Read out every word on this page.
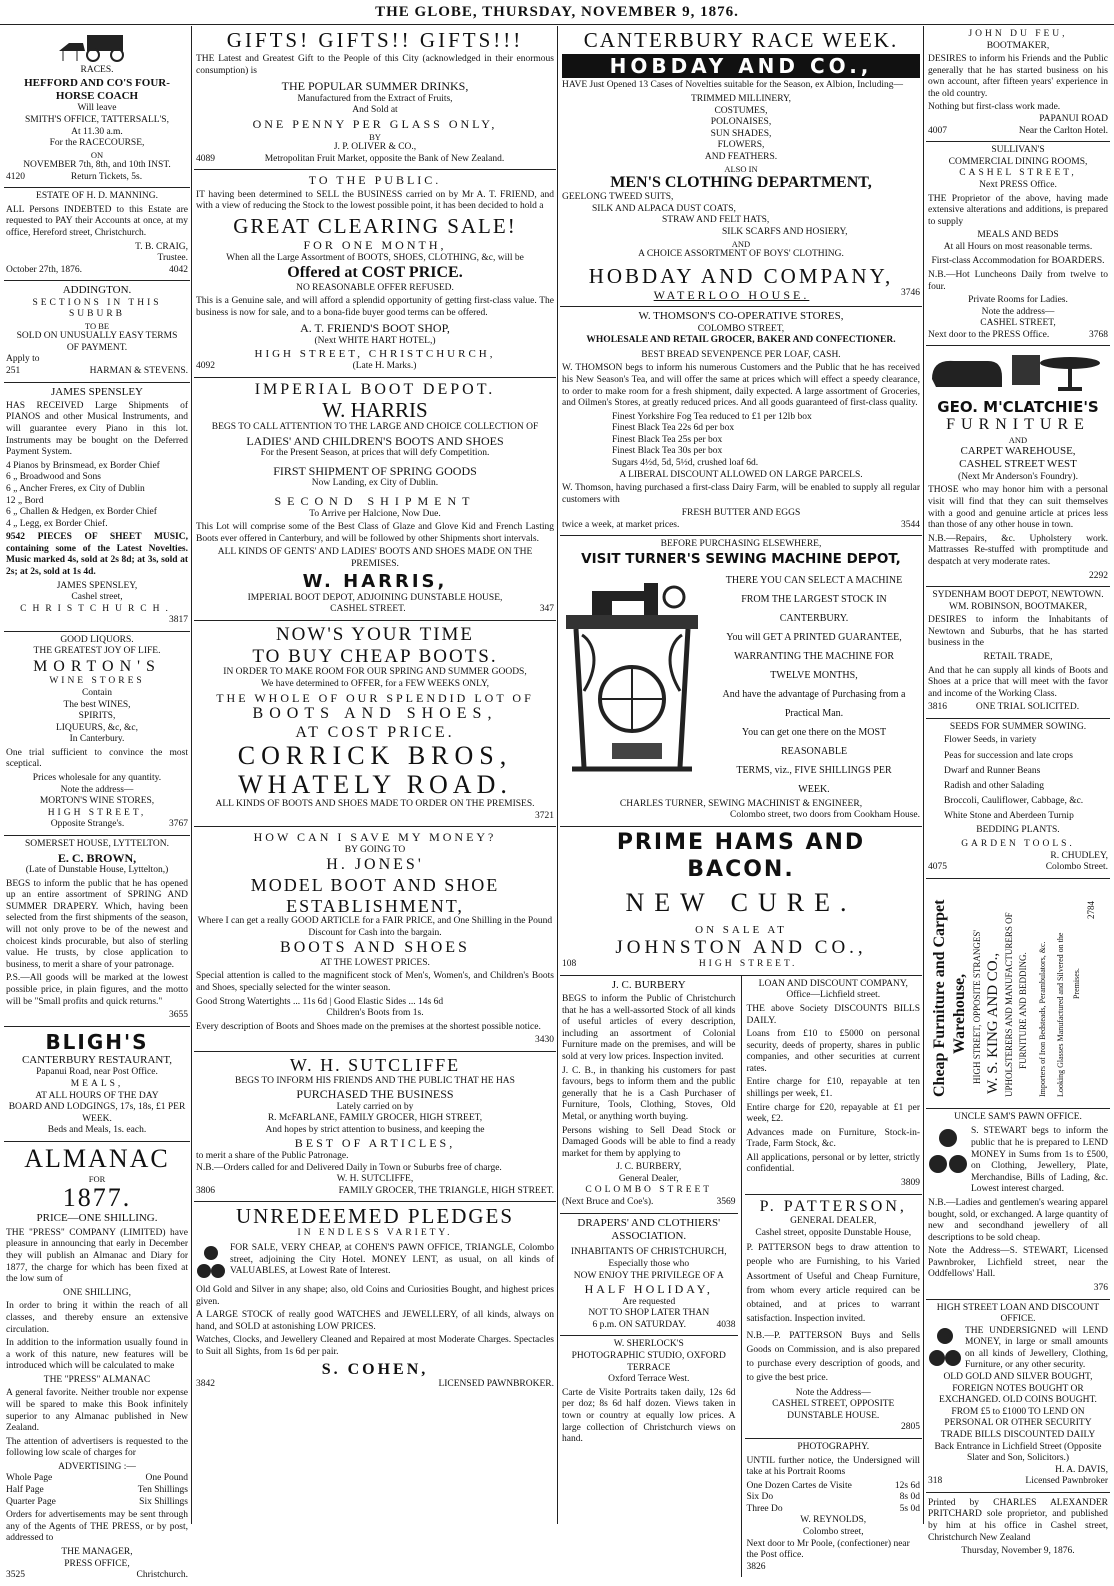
THE GLOBE, THURSDAY, NOVEMBER 9, 1876.
RACES.
HEFFORD AND CO'S FOUR-HORSE COACH
Will leave
SMITH'S OFFICE, TATTERSALL'S,
At 11.30 a.m.
For the RACECOURSE,
ON
NOVEMBER 7th, 8th, and 10th INST.
4120	Return Tickets, 5s.
ESTATE OF H. D. MANNING.

ALL Persons INDEBTED to this Estate are requested to PAY their Accounts at once, at my office, Hereford street, Christchurch.

T. B. CRAIG,
Trustee.
October 27th, 1876.	4042
ADDINGTON.
SECTIONS IN THIS SUBURB
TO BE
SOLD ON UNUSUALLY EASY TERMS
OF PAYMENT.
Apply to
251	HARMAN & STEVENS.
JAMES SPENSLEY

HAS RECEIVED Large Shipments of PIANOS and other Musical Instruments, and will guarantee every Piano in this lot. Instruments may be bought on the Deferred Payment System.

4 Pianos by Brinsmead, ex Border Chief
6 „ Broadwood and Sons
6 „ Ancher Freres, ex City of Dublin
12 „ Bord
6 „ Challen & Hedgen, ex Border Chief
4 „ Legg, ex Border Chief.

9542 PIECES OF SHEET MUSIC, containing some of the Latest Novelties. Music marked 4s, sold at 2s 8d; at 3s, sold at 2s; at 2s, sold at 1s 4d.

JAMES SPENSLEY,
Cashel street,
CHRISTCHURCH.
3817
GOOD LIQUORS.
THE GREATEST JOY OF LIFE.
MORTON'S
WINE STORES
Contain
The best WINES,
SPIRITS,
LIQUEURS, &c, &c,
In Canterbury.

One trial sufficient to convince the most sceptical.

Prices wholesale for any quantity.
Note the address—
MORTON'S WINE STORES,
HIGH STREET,
Opposite Strange's.	3767
SOMERSET HOUSE, LYTTELTON.
E. C. BROWN,
(Late of Dunstable House, Lyttelton,)

BEGS to inform the public that he has opened up an entire assortment of SPRING AND SUMMER DRAPERY. Which, having been selected from the first shipments of the season, will not only prove to be of the newest and choicest kinds procurable, but also of sterling value. He trusts, by close application to business, to merit a share of your patronage.

P.S.—All goods will be marked at the lowest possible price, in plain figures, and the motto will be "Small profits and quick returns."

3655
BLIGH'S
CANTERBURY RESTAURANT,
Papanui Road, near Post Office.
MEALS,
AT ALL HOURS OF THE DAY
BOARD AND LODGINGS, 17s, 18s, £1 PER WEEK.
Beds and Meals, 1s. each.
ALMANAC
FOR
1877.
PRICE—ONE SHILLING.

THE "PRESS" COMPANY (LIMITED) have pleasure in announcing that early in December they will publish an Almanac and Diary for 1877, the charge for which has been fixed at the low sum of

ONE SHILLING,

In order to bring it within the reach of all classes, and thereby ensure an extensive circulation.

In addition to the information usually found in a work of this nature, new features will be introduced which will be calculated to make

THE "PRESS" ALMANAC

A general favorite. Neither trouble nor expense will be spared to make this Book infinitely superior to any Almanac published in New Zealand.

The attention of advertisers is requested to the following low scale of charges for

ADVERTISING :—
Whole Page	One Pound
Half Page	Ten Shillings
Quarter Page	Six Shillings

Orders for advertisements may be sent through any of the Agents of THE PRESS, or by post, addressed to

THE MANAGER,
PRESS OFFICE,
3525	Christchurch.
GIFTS! GIFTS!! GIFTS!!!

THE Latest and Greatest Gift to the People of this City (acknowledged in their enormous consumption) is

THE POPULAR SUMMER DRINKS,
Manufactured from the Extract of Fruits,
And Sold at
ONE PENNY PER GLASS ONLY,
BY
J. P. OLIVER & CO.,
4089	Metropolitan Fruit Market, opposite the Bank of New Zealand.
TO THE PUBLIC.

IT having been determined to SELL the BUSINESS carried on by Mr A. T. FRIEND, and with a view of reducing the Stock to the lowest possible point, it has been decided to hold a

GREAT CLEARING SALE!
FOR ONE MONTH,
When all the Large Assortment of BOOTS, SHOES, CLOTHING, &c, will be
Offered at COST PRICE.
NO REASONABLE OFFER REFUSED.

This is a Genuine sale, and will afford a splendid opportunity of getting first-class value. The business is now for sale, and to a bona-fide buyer good terms can be offered.

A. T. FRIEND'S BOOT SHOP,
(Next WHITE HART HOTEL,)
HIGH STREET, CHRISTCHURCH,
4092	(Late H. Marks.)
IMPERIAL BOOT DEPOT.
W. HARRIS
BEGS TO CALL ATTENTION TO THE LARGE AND CHOICE COLLECTION OF
LADIES' AND CHILDREN'S BOOTS AND SHOES
For the Present Season, at prices that will defy Competition.
FIRST SHIPMENT OF SPRING GOODS
Now Landing, ex City of Dublin.
SECOND SHIPMENT
To Arrive per Halcione, Now Due.

This Lot will comprise some of the Best Class of Glaze and Glove Kid and French Lasting Boots ever offered in Canterbury, and will be followed by other Shipments short intervals.

ALL KINDS OF GENTS' AND LADIES' BOOTS AND SHOES MADE ON THE PREMISES.
W. HARRIS,
IMPERIAL BOOT DEPOT, ADJOINING DUNSTABLE HOUSE,
CASHEL STREET.	347
NOW'S YOUR TIME
TO BUY CHEAP BOOTS.
IN ORDER TO MAKE ROOM FOR OUR SPRING AND SUMMER GOODS,
We have determined to OFFER, for a FEW WEEKS ONLY,
THE WHOLE OF OUR SPLENDID LOT OF
BOOTS AND SHOES,
AT COST PRICE.
CORRICK BROS,
WHATELY ROAD.
ALL KINDS OF BOOTS AND SHOES MADE TO ORDER ON THE PREMISES.
3721
HOW CAN I SAVE MY MONEY?
BY GOING TO
H. JONES'
MODEL BOOT AND SHOE
ESTABLISHMENT,
Where I can get a really GOOD ARTICLE for a FAIR PRICE, and One Shilling in the Pound Discount for Cash into the bargain.
BOOTS AND SHOES
AT THE LOWEST PRICES.

Special attention is called to the magnificent stock of Men's, Women's, and Children's Boots and Shoes, specially selected for the winter season.

Good Strong Watertights ... 11s 6d | Good Elastic Sides ... 14s 6d
Children's Boots from 1s.

Every description of Boots and Shoes made on the premises at the shortest possible notice.

3430
W. H. SUTCLIFFE
BEGS TO INFORM HIS FRIENDS AND THE PUBLIC THAT HE HAS
PURCHASED THE BUSINESS
Lately carried on by
R. McFARLANE, FAMILY GROCER, HIGH STREET,
And hopes by strict attention to business, and keeping the
BEST OF ARTICLES,
to merit a share of the Public Patronage.
N.B.—Orders called for and Delivered Daily in Town or Suburbs free of charge.
W. H. SUTCLIFFE,
3806	FAMILY GROCER, THE TRIANGLE, HIGH STREET.
UNREDEEMED PLEDGES
IN ENDLESS VARIETY.

FOR SALE, VERY CHEAP, at COHEN'S PAWN OFFICE, TRIANGLE, Colombo street, adjoining the City Hotel. MONEY LENT, as usual, on all kinds of VALUABLES, at Lowest Rate of Interest.

Old Gold and Silver in any shape; also, old Coins and Curiosities Bought, and highest prices given.

A LARGE STOCK of really good WATCHES and JEWELLERY, of all kinds, always on hand, and SOLD at astonishing LOW PRICES.

Watches, Clocks, and Jewellery Cleaned and Repaired at most Moderate Charges. Spectacles to Suit all Sights, from 1s 6d per pair.

S. COHEN,
3842	LICENSED PAWNBROKER.
CANTERBURY RACE WEEK.
HOBDAY AND CO.,

HAVE Just Opened 13 Cases of Novelties suitable for the Season, ex Albion, Including—

TRIMMED MILLINERY,
COSTUMES,
POLONAISES,
SUN SHADES,
FLOWERS,
AND FEATHERS.
ALSO IN
MEN'S CLOTHING DEPARTMENT,
GEELONG TWEED SUITS,
SILK AND ALPACA DUST COATS,
STRAW AND FELT HATS,
SILK SCARFS AND HOSIERY,
AND
A CHOICE ASSORTMENT OF BOYS' CLOTHING.
HOBDAY AND COMPANY,
WATERLOO HOUSE.	3746
W. THOMSON'S CO-OPERATIVE STORES,
COLOMBO STREET,
WHOLESALE AND RETAIL GROCER, BAKER AND CONFECTIONER.
BEST BREAD SEVENPENCE PER LOAF, CASH.

W. THOMSON begs to inform his numerous Customers and the Public that he has received his New Season's Tea, and will offer the same at prices which will effect a speedy clearance, to order to make room for a fresh shipment, daily expected. A large assortment of Groceries, and Oilmen's Stores, at greatly reduced prices. And all goods guaranteed of first-class quality.

Finest Yorkshire Fog Tea reduced to £1 per 12lb box
Finest Black Tea 22s 6d per box
Finest Black Tea 25s per box
Finest Black Tea 30s per box
Sugars 4½d, 5d, 5½d, crushed loaf 6d.
A LIBERAL DISCOUNT ALLOWED ON LARGE PARCELS.

W. Thomson, having purchased a first-class Dairy Farm, will be enabled to supply all regular customers with

FRESH BUTTER AND EGGS
twice a week, at market prices.	3544
BEFORE PURCHASING ELSEWHERE,
VISIT TURNER'S SEWING MACHINE DEPOT,
THERE YOU CAN SELECT A MACHINE
FROM THE LARGEST STOCK IN
CANTERBURY.
You will GET A PRINTED GUARANTEE,
WARRANTING THE MACHINE FOR
TWELVE MONTHS,
And have the advantage of Purchasing from a
Practical Man.
You can get one there on the MOST REASONABLE
TERMS, viz., FIVE SHILLINGS PER
WEEK.
CHARLES TURNER, SEWING MACHINIST & ENGINEER,
Colombo street, two doors from Cookham House.
PRIME HAMS AND BACON.
NEW CURE.
ON SALE AT
JOHNSTON AND CO.,
108	HIGH STREET.
J. C. BURBERY

BEGS to inform the Public of Christchurch that he has a well-assorted Stock of all kinds of useful articles of every description, including an assortment of Colonial Furniture made on the premises, and will be sold at very low prices. Inspection invited.

J. C. B., in thanking his customers for past favours, begs to inform them and the public generally that he is a Cash Purchaser of Furniture, Tools, Clothing, Stoves, Old Metal, or anything worth buying.

Persons wishing to Sell Dead Stock or Damaged Goods will be able to find a ready market for them by applying to

J. C. BURBERY,
General Dealer,
COLOMBO STREET
(Next Bruce and Coe's).	3569
DRAPERS' AND CLOTHIERS' ASSOCIATION.
INHABITANTS OF CHRISTCHURCH,
Especially those who
NOW ENJOY THE PRIVILEGE OF A
HALF HOLIDAY,
Are requested
NOT TO SHOP LATER THAN
6 p.m. ON SATURDAY.	4038
W. SHERLOCK'S
PHOTOGRAPHIC STUDIO, OXFORD TERRACE
Oxford Terrace West.

Carte de Visite Portraits taken daily, 12s 6d per doz; 8s 6d half dozen. Views taken in town or country at equally low prices. A large collection of Christchurch views on hand.

LOAN AND DISCOUNT COMPANY,
Office—Lichfield street.

THE above Society DISCOUNTS BILLS DAILY.

Loans from £10 to £5000 on personal security, deeds of property, shares in public companies, and other securities at current rates.

Entire charge for £10, repayable at ten shillings per week, £1.

Entire charge for £20, repayable at £1 per week, £2.

Advances made on Furniture, Stock-in-Trade, Farm Stock, &c.

All applications, personal or by letter, strictly confidential.

3809
P. PATTERSON,
GENERAL DEALER,
Cashel street, opposite Dunstable House,

P. PATTERSON begs to draw attention to people who are Furnishing, to his Varied Assortment of Useful and Cheap Furniture, from whom every article required can be obtained, and at prices to warrant satisfaction. Inspection invited.

N.B.—P. PATTERSON Buys and Sells Goods on Commission, and is also prepared to purchase every description of goods, and to give the best price.

Note the Address—
CASHEL STREET, OPPOSITE DUNSTABLE HOUSE.
2805
PHOTOGRAPHY.

UNTIL further notice, the Undersigned will take at his Portrait Rooms

One Dozen Cartes de Visite	12s 6d
Six Do	8s 0d
Three Do	5s 0d
W. REYNOLDS,
Colombo street,
Next door to Mr Poole, (confectioner) near the Post office.
3826
JOHN DU FEU,
BOOTMAKER,

DESIRES to inform his Friends and the Public generally that he has started business on his own account, after fifteen years' experience in the old country.

Nothing but first-class work made.
PAPANUI ROAD
4007	Near the Carlton Hotel.
SULLIVAN'S
COMMERCIAL DINING ROOMS,
CASHEL STREET,
Next PRESS Office.

THE Proprietor of the above, having made extensive alterations and additions, is prepared to supply

MEALS AND BEDS
At all Hours on most reasonable terms.
First-class Accommodation for BOARDERS.

N.B.—Hot Luncheons Daily from twelve to four.

Private Rooms for Ladies.
Note the address—
CASHEL STREET,
Next door to the PRESS Office.	3768
GEO. M'CLATCHIE'S
FURNITURE
AND
CARPET WAREHOUSE,
CASHEL STREET WEST
(Next Mr Anderson's Foundry).

THOSE who may honor him with a personal visit will find that they can suit themselves with a good and genuine article at prices less than those of any other house in town.

N.B.—Repairs, &c. Upholstery work. Mattrasses Re-stuffed with promptitude and despatch at very moderate rates.

2292
SYDENHAM BOOT DEPOT, NEWTOWN.
WM. ROBINSON, BOOTMAKER,

DESIRES to inform the Inhabitants of Newtown and Suburbs, that he has started business in the

RETAIL TRADE,

And that he can supply all kinds of Boots and Shoes at a price that will meet with the favor and income of the Working Class.

3816	ONE TRIAL SOLICITED.
SEEDS FOR SUMMER SOWING.
Flower Seeds, in variety
Peas for succession and late crops
Dwarf and Runner Beans
Radish and other Salading
Broccoli, Cauliflower, Cabbage, &c.
White Stone and Aberdeen Turnip
BEDDING PLANTS.
GARDEN TOOLS.
R. CHUDLEY,
4075	Colombo Street.
Cheap Furniture and Carpet Warehouse, HIGH STREET, OPPOSITE STRANGES' W. S. KING AND CO., UPHOLSTERERS AND MANUFACTURERS OF FURNITURE AND BEDDING. Importers of Iron Bedsteads, Perambulators, &c. Looking Glasses Manufactured and Silvered on the Premises.
2784
UNCLE SAM'S PAWN OFFICE.

S. STEWART begs to inform the public that he is prepared to LEND MONEY in Sums from 1s to £500, on Clothing, Jewellery, Plate, Merchandise, Bills of Lading, &c. Lowest interest charged.

N.B.—Ladies and gentlemen's wearing apparel bought, sold, or exchanged. A large quantity of new and secondhand jewellery of all descriptions to be sold cheap.

Note the Address—S. STEWART, Licensed Pawnbroker, Lichfield street, near the Oddfellows' Hall.

376
HIGH STREET LOAN AND DISCOUNT OFFICE.

THE UNDERSIGNED will LEND MONEY, in large or small amounts on all kinds of Jewellery, Clothing, Furniture, or any other security.

OLD GOLD AND SILVER BOUGHT, FOREIGN NOTES BOUGHT OR EXCHANGED. OLD COINS BOUGHT.
FROM £5 to £1000 TO LEND ON PERSONAL OR OTHER SECURITY TRADE BILLS DISCOUNTED DAILY
Back Entrance in Lichfield Street (Opposite Slater and Son, Solicitors.)
H. A. DAVIS,
318	Licensed Pawnbroker

Printed by CHARLES ALEXANDER PRITCHARD sole proprietor, and published by him at his office in Cashel street, Christchurch New Zealand

Thursday, November 9, 1876.
